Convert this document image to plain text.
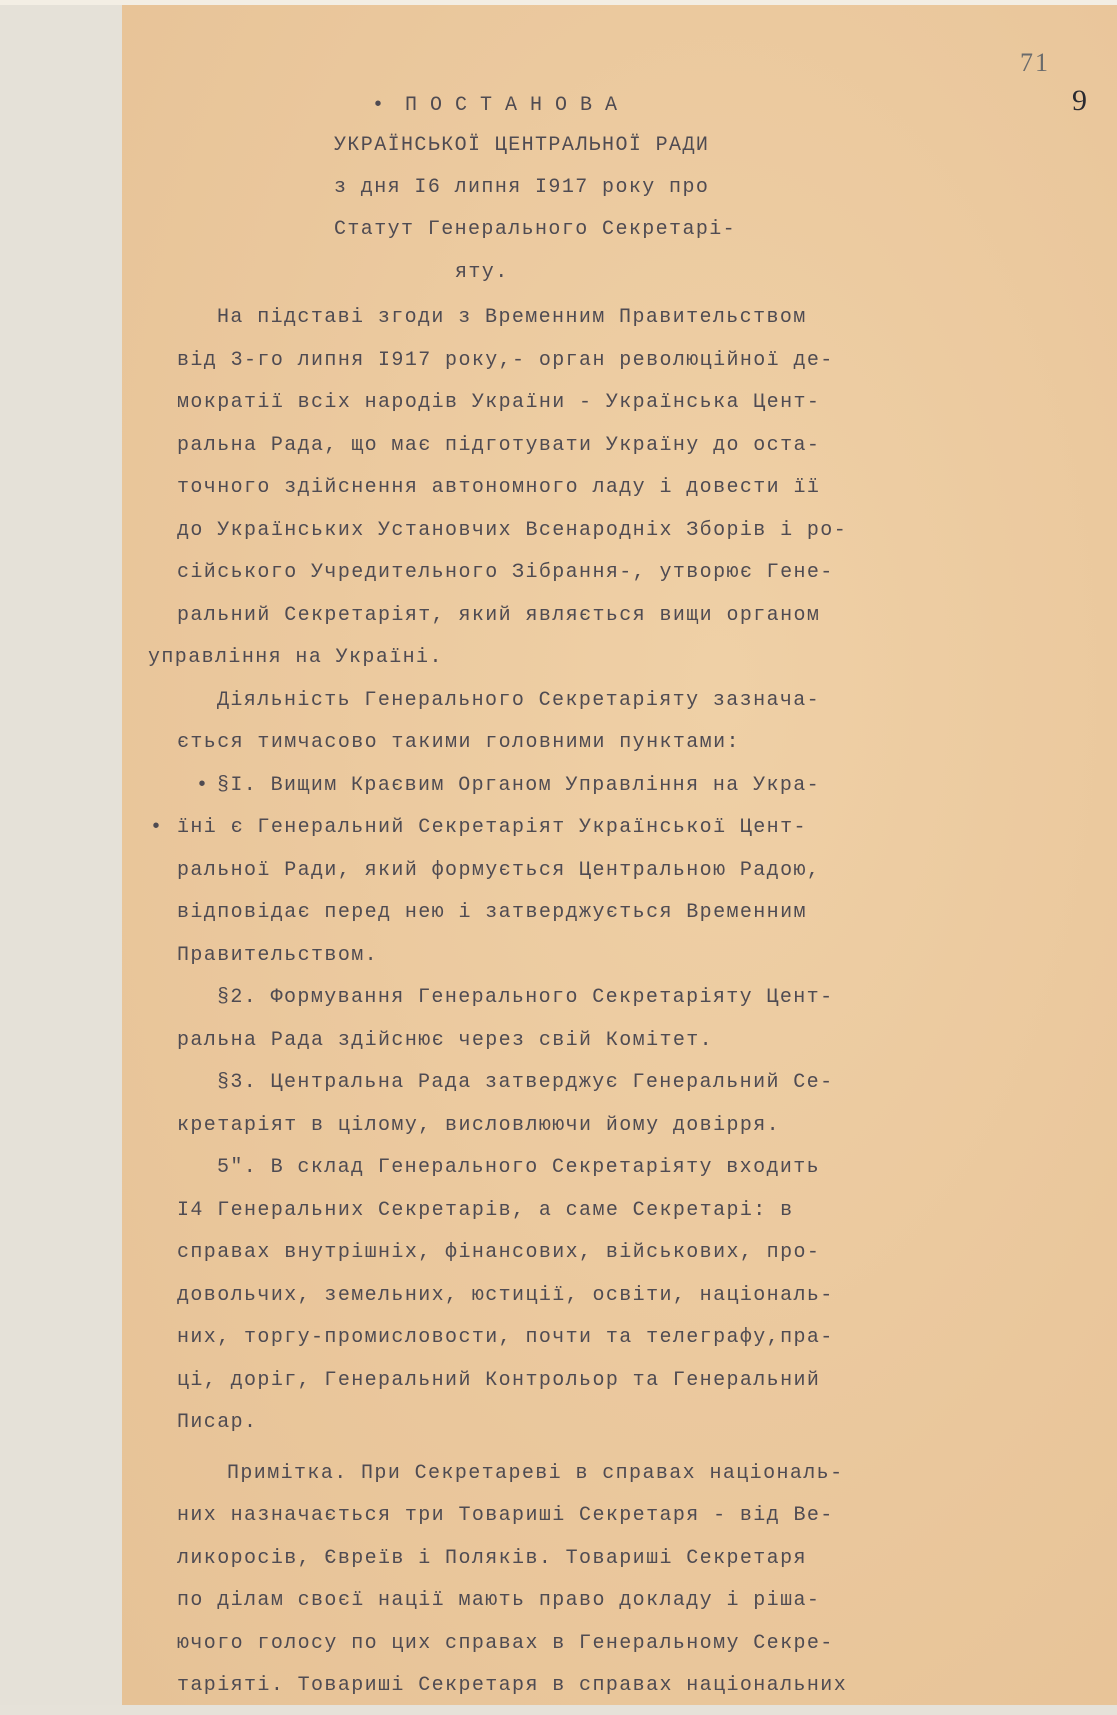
71
9
• ПОСТАНОВА
УКРАЇНСЬКОЇ ЦЕНТРАЛЬНОЇ РАДИ
з дня I6 липня I917 року про
Статут Генерального Секретарі-
яту.
На підставі згоди з Временним Правительством
від 3-го липня I917 року,- орган революційної де-
мократії всіх народів України - Українська Цент-
ральна Рада, що має підготувати Україну до оста-
точного здійснення автономного ладу і довести її
до Українських Установчих Всенародніх Зборів і ро-
сійського Учредительного Зібрання-, утворює Гене-
ральний Секретаріят, який являється вищи органом
управління на Україні.
Діяльність Генерального Секретаріяту зазнача-
ється тимчасово такими головними пунктами:
• §I. Вищим Краєвим Органом Управління на Укра-
• їні є Генеральний Секретаріят Української Цент-
ральної Ради, який формується Центральною Радою,
відповідає перед нею і затверджується Временним
Правительством.
§2. Формування Генерального Секретаріяту Цент-
ральна Рада здійснює через свій Комітет.
§3. Центральна Рада затверджує Генеральний Се-
кретаріят в цілому, висловлюючи йому довірря.
5". В склад Генерального Секретаріяту входить
I4 Генеральних Секретарів, а саме Секретарі: в
справах внутрішніх, фінансових, військових, про-
довольчих, земельних, юстиції, освіти, національ-
них, торгу-промисловости, почти та телеграфу,пра-
ці, доріг, Генеральний Контрольор та Генеральний
Писар.
Примітка. При Секретареві в справах національ-
них назначається три Товариші Секретаря - від Ве-
ликоросів, Євреїв і Поляків. Товариші Секретаря
по ділам своєї нації мають право докладу і ріша-
ючого голосу по цих справах в Генеральному Секре-
таріяті. Товариші Секретаря в справах національних
